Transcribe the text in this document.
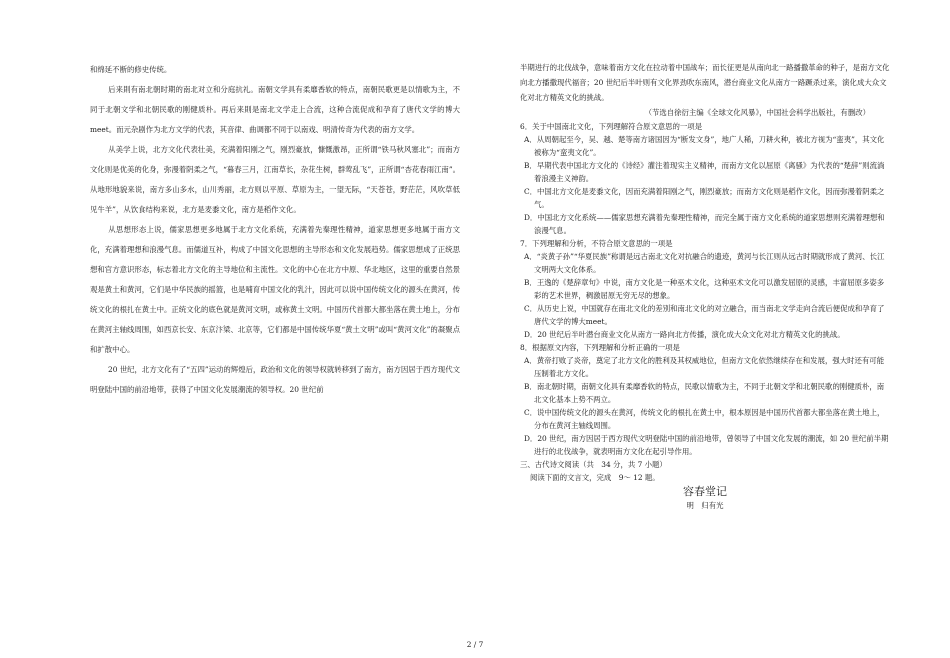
和绵延不断的修史传统。

后来則有南北朝时期的南北对立和分庭抗礼。南朝文学具有柔靡香软的特点，南朝民歌更是以情歌为主，不同于北朝文学和北朝民歌的刚健质朴。再后来則是南北文学走上合流，这种合流促成和孕育了唐代文学的博大meet。而元杂剧作为北方文学的代表，其音律、曲调都不同于以南戏、明清传奇为代表的南方文学。

从美学上说，北方文化代表壮美，充满着阳刚之气，刚烈豪放，慷慨激昂，正所谓“铁马秋风塞北”；而南方文化则是优美的化身，弥漫着阴柔之气，“暮春三月，江南草长，杂花生树，群莺乱飞”，正所谓“杏花春雨江南”。从地形地貌来说，南方多山多水，山川秀丽，北方则以平原、草原为主，一望无际，“天苍苍，野茫茫，风吹草低见牛羊”，从饮食结构来说，北方是麦黍文化，南方是稻作文化。

从思想形态上说，儒家思想更多地属于北方文化系统，充满着先秦理性精神，道家思想更多地属于南方文化，充满着理想和浪漫气息。而儒道互补，构成了中国文化思想的主导形态和文化发展趋势。儒家思想成了正统思想和官方意识形态，标志着北方文化的主导地位和主流性。文化的中心在北方中原、华北地区，这里的重要自然景观是黄土和黄河，它们是中华民族的摇篮，也是哺育中国文化的乳汁，因此可以说中国传统文化的源头在黄河，传统文化的根扎在黄土中。正统文化的底色就是黄河文明，或称黄土文明。中国历代首都大都坐落在黄土地上，分布在黄河主轴线周围，如西京长安、东京汴梁、北京等，它们都是中国传统华夏“黄土文明”或叫“黄河文化”的凝聚点和扩散中心。

20 世纪，北方文化有了“五四”运动的辉煌后，政治和文化的领导权就转移到了南方，南方因居于西方现代文明登陆中国的前沿地带，获得了中国文化发展潮流的领导权。20 世纪前

半期进行的北伐战争，意味着南方文化在拉动着中国战车；而长征更是从南向北一路播撒革命的种子，是南方文化向北方播撒现代福音；20 世纪后半叶则有文化界劲吹东南风，潜台商业文化从南方一路蹶杀过来，演化成大众文化对北方精英文化的挑战。

（节选自徐衍主编《全球文化风暴》，中国社会科学出版社，有删改）

6．关于中国南北文化，下列理解符合原文意思的一项是

A．从周朝起至今，吴、越、楚等南方诸国因为“断发文身”，地广人稀，刀耕火种，被北方视为“蛮夷”，其文化被称为“蛮夷文化”。

B．早期代表中国北方文化的《诗经》灌注着现实主义精神，而南方文化以屈原《离骚》为代表的“楚辞”则流淌着浪漫主义神韵。

C．中国北方文化是麦黍文化，因而充满着阳刚之气，刚烈豪放；而南方文化则是稻作文化，因而弥漫着阴柔之气。

D．中国北方文化系统——儒家思想充满着先秦理性精神，而完全属于南方文化系统的道家思想则充满着理想和浪漫气息。

7．下列理解和分析，不符合原文意思的一项是

A．“炎黄子孙”“华夏民族”称谓是远古南北文化对抗融合的遗迹，黄河与长江则从远古时期就形成了黄河、长江文明两大文化体系。

B．王逸的《楚辞章句》中说，南方文化是一种巫术文化，这种巫术文化可以激发屈原的灵感，丰富屈原多姿多彩的艺术世界，稠激屈原无穷无尽的想象。

C．从历史上说，中国就存在南北文化的差別和南北文化的对立融合，而当南北文学走向合流后便促成和孕育了唐代文学的博大meet。

D．20 世纪后半叶潜台商业文化从南方一路向北方传播，演化成大众文化对北方精英文化的挑战。

8．根据原文内容，下列理解和分析正确的一项是

A．黄帝打败了炎帝，奠定了北方文化的胜利及其权威地位，但南方文化依然继续存在和发展，强大时还有可能压制着北方文化。

B．南北朝时期，南朝文化具有柔靡香软的特点，民歌以情歌为主，不同于北朝文学和北朝民歌的刚健质朴，南北文化基本上势不两立。

C．说中国传统文化的源头在黄河，传统文化的根扎在黄土中，根本原因是中国历代首都大都坐落在黄土地上，分布在黄河主轴线周围。

D．20 世纪，南方因居于西方现代文明登陆中国的前沿地带，曾领导了中国文化发展的潮流，如 20 世纪前半期进行的北伐战争，就表明南方文化在起引导作用。

三、古代诗文阅读（共　34 分，共 7 小题）

阅读下面的文言文，完成　9～ 12 题。

容春堂记

明　归有光

2 / 7
